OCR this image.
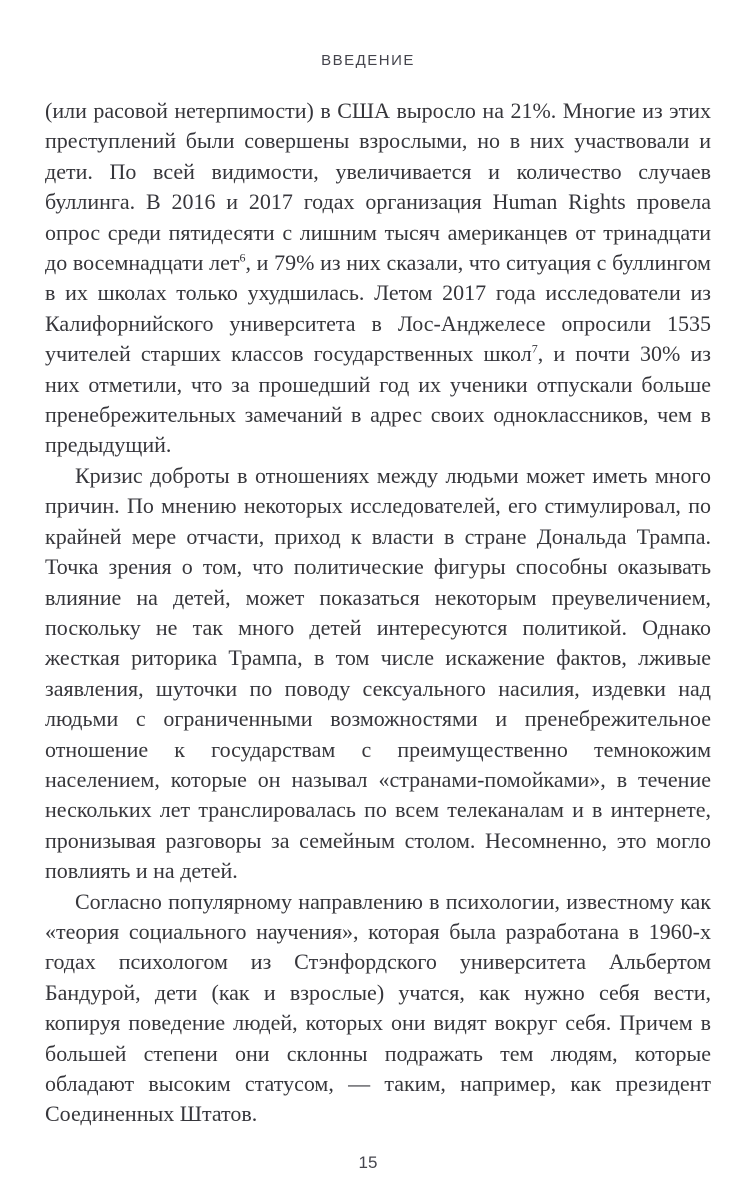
ВВЕДЕНИЕ

(или расовой нетерпимости) в США выросло на 21%. Многие из этих преступлений были совершены взрослыми, но в них участвовали и дети. По всей видимости, увеличивается и количество случаев буллинга. В 2016 и 2017 годах организация Human Rights провела опрос среди пятидесяти с лишним тысяч американцев от тринадцати до восемнадцати лет$^6$, и 79% из них сказали, что ситуация с буллингом в их школах только ухудшилась. Летом 2017 года исследователи из Калифорнийского университета в Лос-Анджелесе опросили 1535 учителей старших классов государственных школ$^7$, и почти 30% из них отметили, что за прошедший год их ученики отпускали больше пренебрежительных замечаний в адрес своих одноклассников, чем в предыдущий.

Кризис доброты в отношениях между людьми может иметь много причин. По мнению некоторых исследователей, его стимулировал, по крайней мере отчасти, приход к власти в стране Дональда Трампа. Точка зрения о том, что политические фигуры способны оказывать влияние на детей, может показаться некоторым преувеличением, поскольку не так много детей интересуются политикой. Однако жесткая риторика Трампа, в том числе искажение фактов, лживые заявления, шуточки по поводу сексуального насилия, издевки над людьми с ограниченными возможностями и пренебрежительное отношение к государствам с преимущественно темнокожим населением, которые он называл «странами-помойками», в течение нескольких лет транслировалась по всем телеканалам и в интернете, пронизывая разговоры за семейным столом. Несомненно, это могло повлиять и на детей.

Согласно популярному направлению в психологии, известному как «теория социального научения», которая была разработана в 1960-х годах психологом из Стэнфордского университета Альбертом Бандурой, дети (как и взрослые) учатся, как нужно себя вести, копируя поведение людей, которых они видят вокруг себя. Причем в большей степени они склонны подражать тем людям, которые обладают высоким статусом, — таким, например, как президент Соединенных Штатов.

15
